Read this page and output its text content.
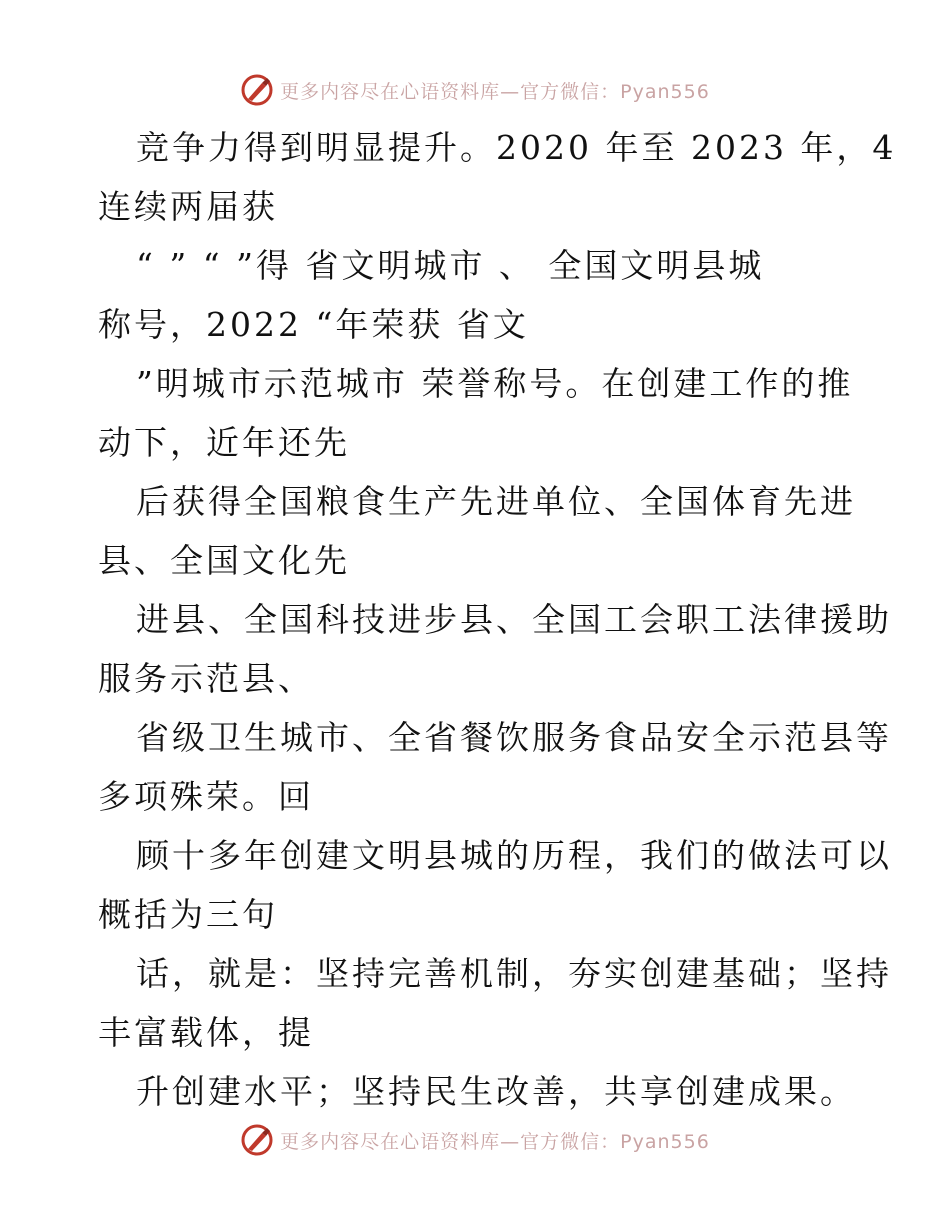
更多内容尽在心语资料库—官方微信：Pyan556
竞争力得到明显提升。2020 年至 2023 年，4
连续两届获
“ ” “ ”得 省文明城市 、 全国文明县城
称号，2022 “年荣获 省文
”明城市示范城市 荣誉称号。在创建工作的推
动下，近年还先
后获得全国粮食生产先进单位、全国体育先进
县、全国文化先
进县、全国科技进步县、全国工会职工法律援助
服务示范县、
省级卫生城市、全省餐饮服务食品安全示范县等
多项殊荣。回
顾十多年创建文明县城的历程，我们的做法可以
概括为三句
话，就是：坚持完善机制，夯实创建基础；坚持
丰富载体，提
升创建水平；坚持民生改善，共享创建成果。
更多内容尽在心语资料库—官方微信：Pyan556
